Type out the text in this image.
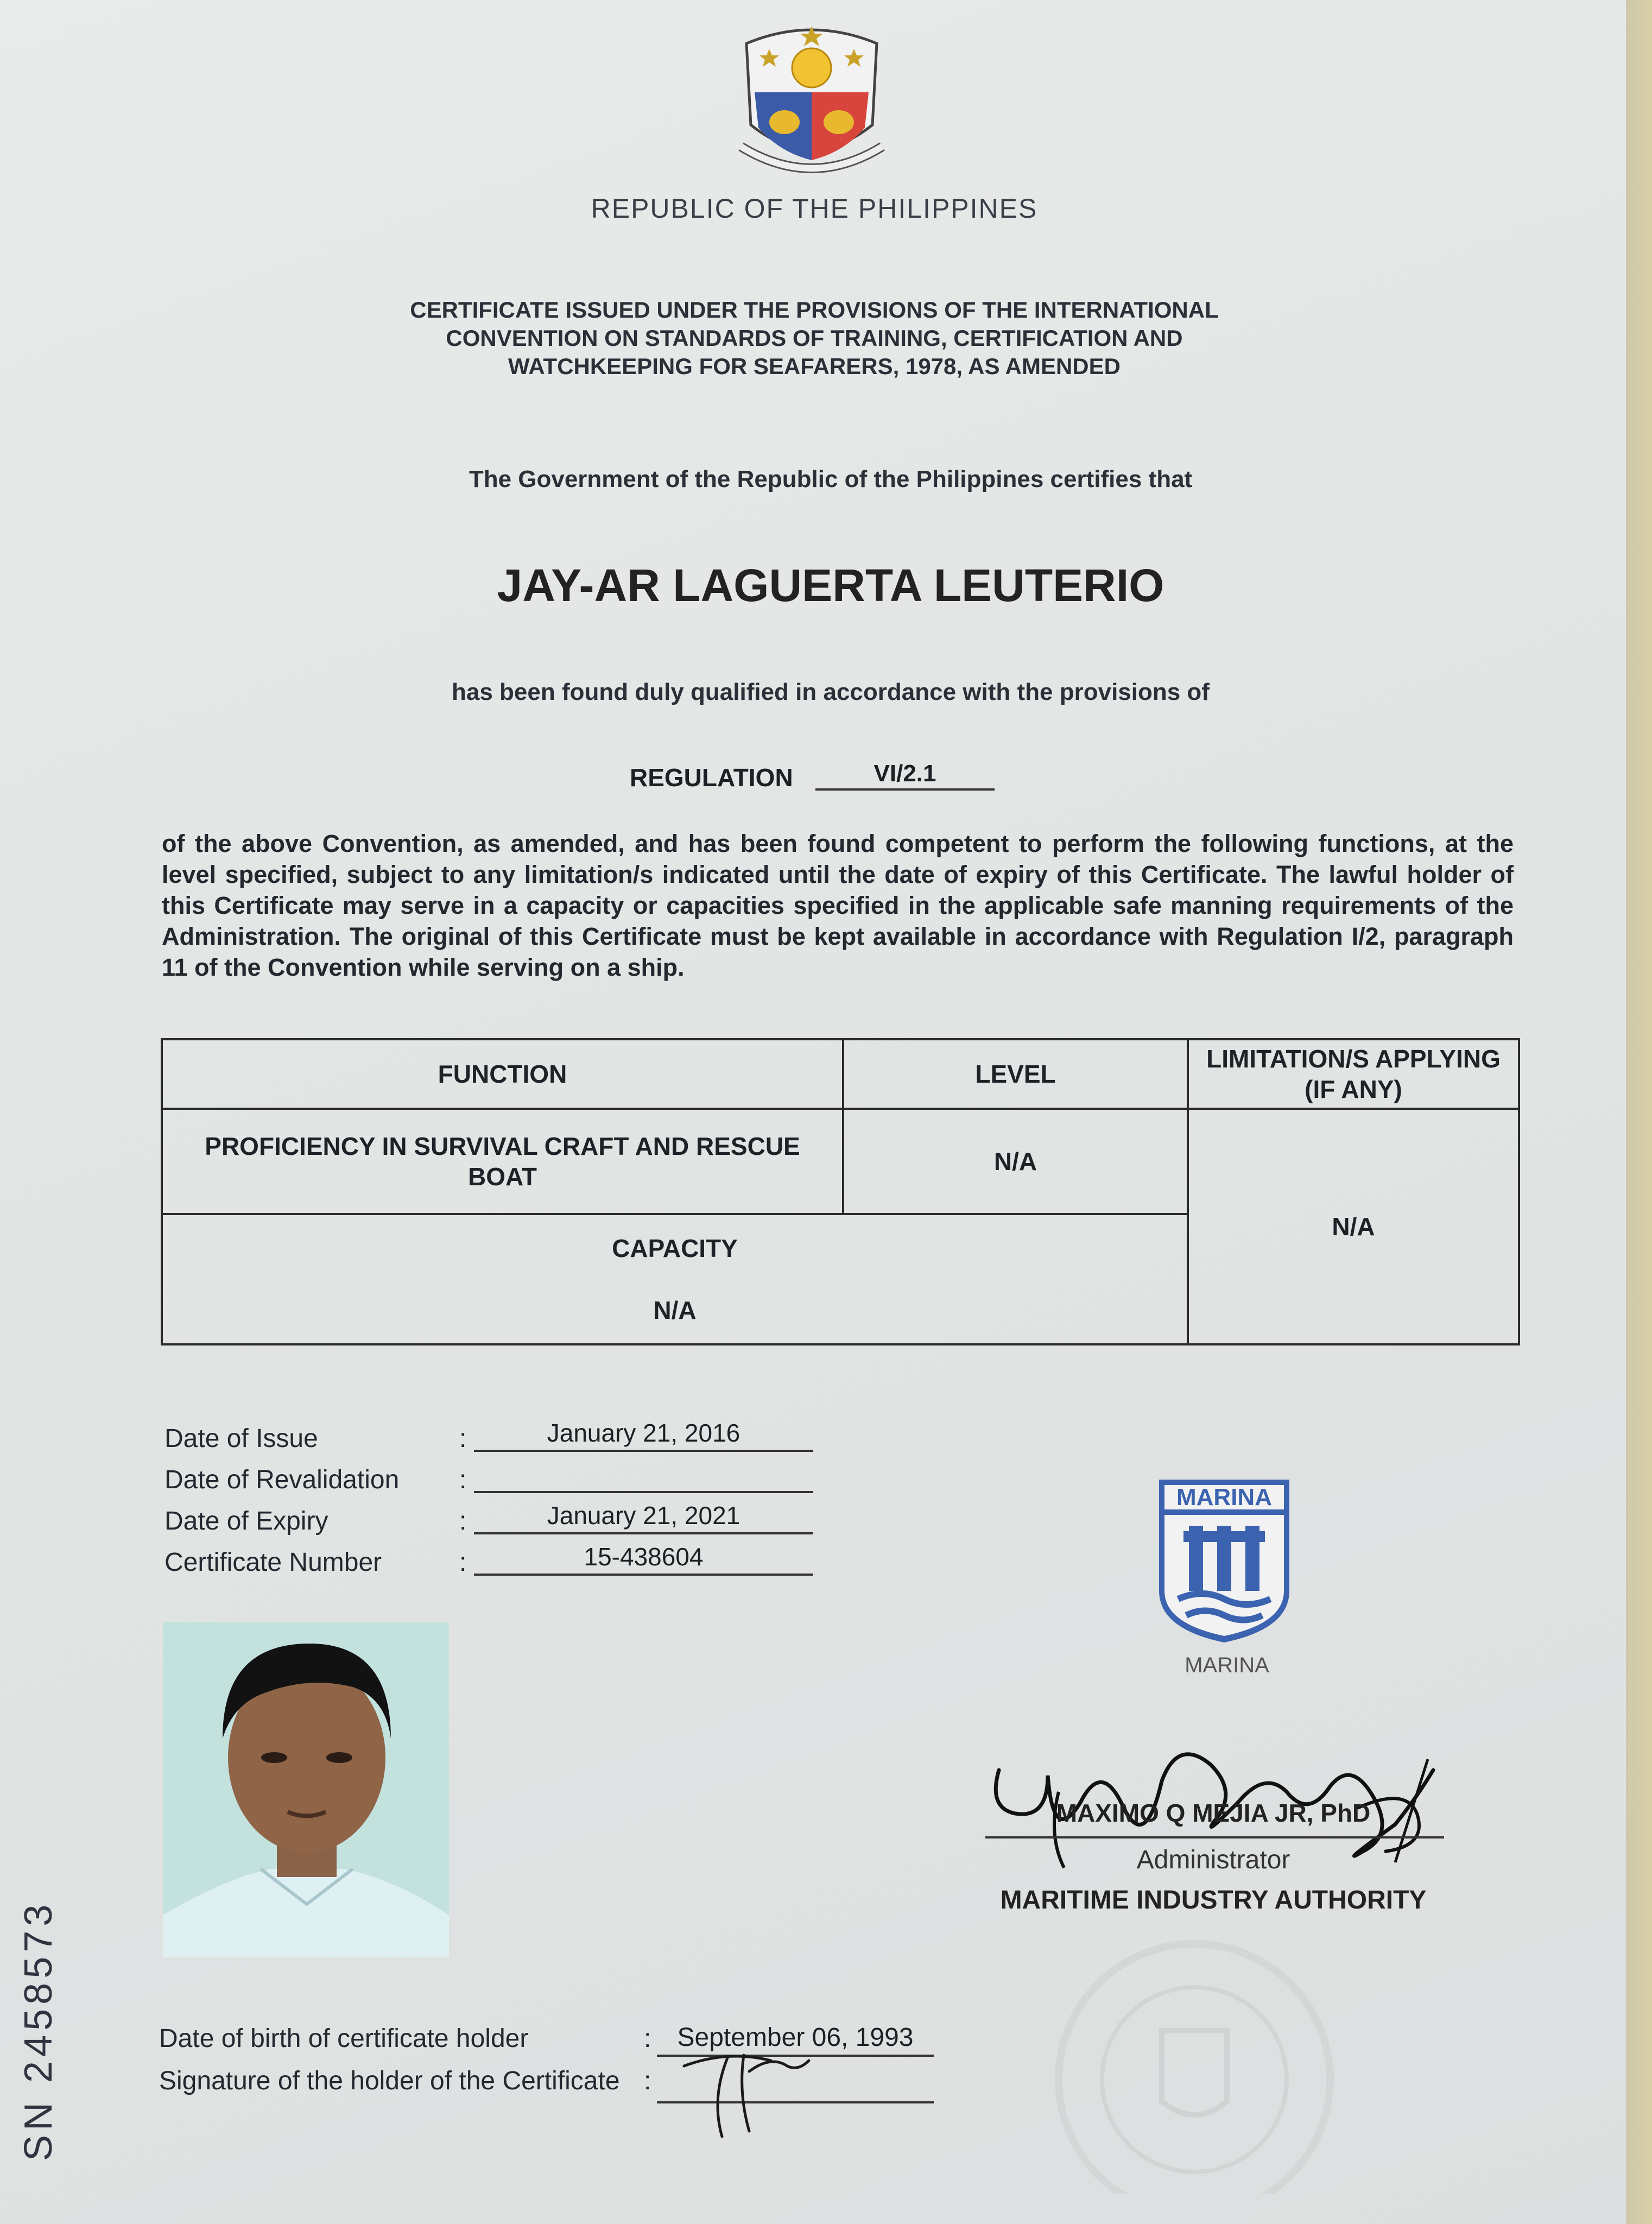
REPUBLIC OF THE PHILIPPINES
CERTIFICATE ISSUED UNDER THE PROVISIONS OF THE INTERNATIONAL
CONVENTION ON STANDARDS OF TRAINING, CERTIFICATION AND
WATCHKEEPING FOR SEAFARERS, 1978, AS AMENDED
The Government of the Republic of the Philippines certifies that
JAY-AR LAGUERTA LEUTERIO
has been found duly qualified in accordance with the provisions of
REGULATION	VI/2.1
of the above Convention, as amended, and has been found competent to perform the following functions, at the level specified, subject to any limitation/s indicated until the date of expiry of this Certificate. The lawful holder of this Certificate may serve in a capacity or capacities specified in the applicable safe manning requirements of the Administration. The original of this Certificate must be kept available in accordance with Regulation I/2, paragraph 11 of the Convention while serving on a ship.
FUNCTION	LEVEL	LIMITATION/S APPLYING (IF ANY)
PROFICIENCY IN SURVIVAL CRAFT AND RESCUE BOAT	N/A	N/A

CAPACITY
N/A		
Date of Issue	:	January 21, 2016
Date of Revalidation :
Date of Expiry	:	January 21, 2021
Certificate Number	:	15-438604
MARINA
MARINA
MAXIMO Q MEJIA JR, PhD
Administrator
MARITIME INDUSTRY AUTHORITY
Date of birth of certificate holder	:	September 06, 1993
Signature of the holder of the Certificate :
SN 2458573
